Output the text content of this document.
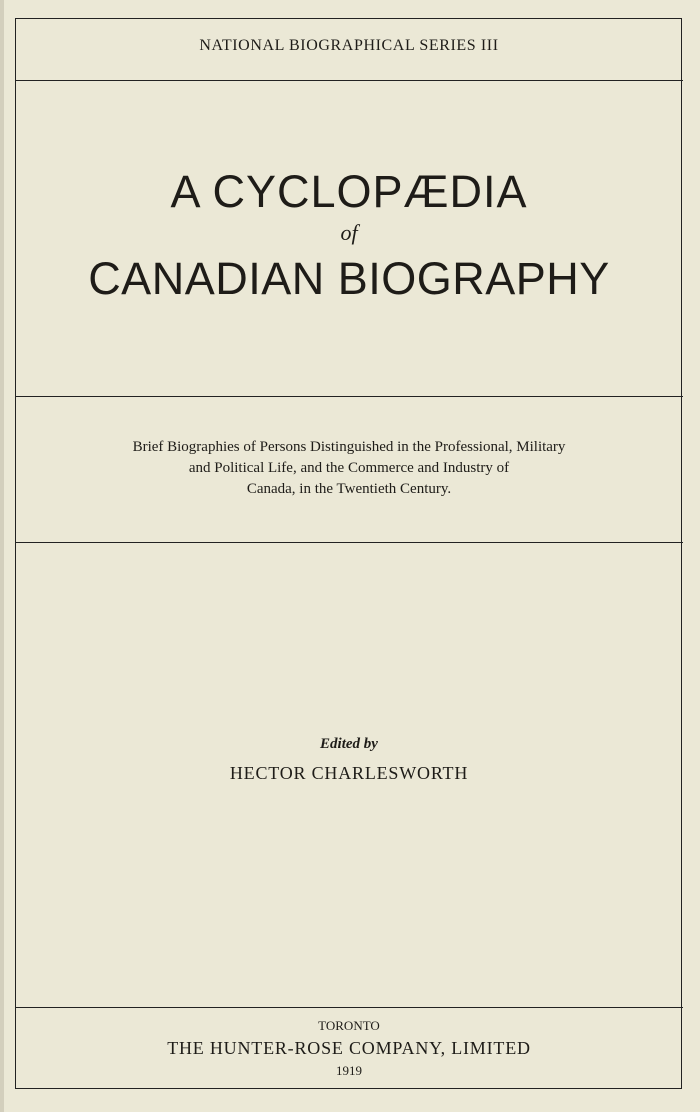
NATIONAL BIOGRAPHICAL SERIES III
A CYCLOPÆDIA
of
CANADIAN BIOGRAPHY
Brief Biographies of Persons Distinguished in the Professional, Military
and Political Life, and the Commerce and Industry of
Canada, in the Twentieth Century.
Edited by
HECTOR CHARLESWORTH
TORONTO
THE HUNTER-ROSE COMPANY, LIMITED
1919
